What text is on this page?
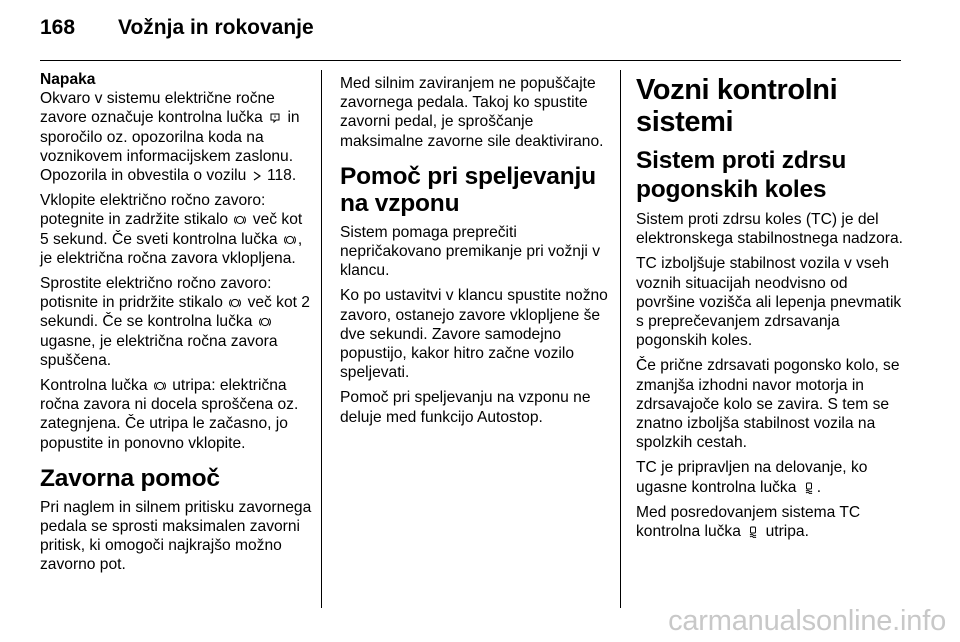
168 Vožnja in rokovanje
Napaka

Okvaro v sistemu električne ročne zavore označuje kontrolna lučka in sporočilo oz. opozorilna koda na voznikovem informacijskem zaslonu. Opozorila in obvestila o vozilu 118.

Vklopite električno ročno zavoro: potegnite in zadržite stikalo več kot 5 sekund. Če sveti kontrolna lučka , je električna ročna zavora vklopljena.

Sprostite električno ročno zavoro: potisnite in pridržite stikalo več kot 2 sekundi. Če se kontrolna lučka  ugasne, je električna ročna zavora spuščena.

Kontrolna lučka utripa: električna ročna zavora ni docela sproščena oz. zategnjena. Če utripa le začasno, jo popustite in ponovno vklopite.

Zavorna pomoč

Pri naglem in silnem pritisku zavornega pedala se sprosti maksimalen zavorni pritisk, ki omogoči najkrajšo možno zavorno pot.

Med silnim zaviranjem ne popuščajte zavornega pedala. Takoj ko spustite zavorni pedal, je sproščanje maksimalne zavorne sile deaktivirano.

Pomoč pri speljevanju na vzponu

Sistem pomaga preprečiti nepričakovano premikanje pri vožnji v klancu.

Ko po ustavitvi v klancu spustite nožno zavoro, ostanejo zavore vklopljene še dve sekundi. Zavore samodejno popustijo, kakor hitro začne vozilo speljevati.

Pomoč pri speljevanju na vzponu ne deluje med funkcijo Autostop.

Vozni kontrolni sistemi
Sistem proti zdrsu pogonskih koles

Sistem proti zdrsu koles (TC) je del elektronskega stabilnostnega nadzora.

TC izboljšuje stabilnost vozila v vseh voznih situacijah neodvisno od površine vozišča ali lepenja pnevmatik s preprečevanjem zdrsavanja pogonskih koles.

Če prične zdrsavati pogonsko kolo, se zmanjša izhodni navor motorja in zdrsavajoče kolo se zavira. S tem se znatno izboljša stabilnost vozila na spolzkih cestah.

TC je pripravljen na delovanje, ko ugasne kontrolna lučka .

Med posredovanjem sistema TC kontrolna lučka utripa.

carmanualsonline.info
